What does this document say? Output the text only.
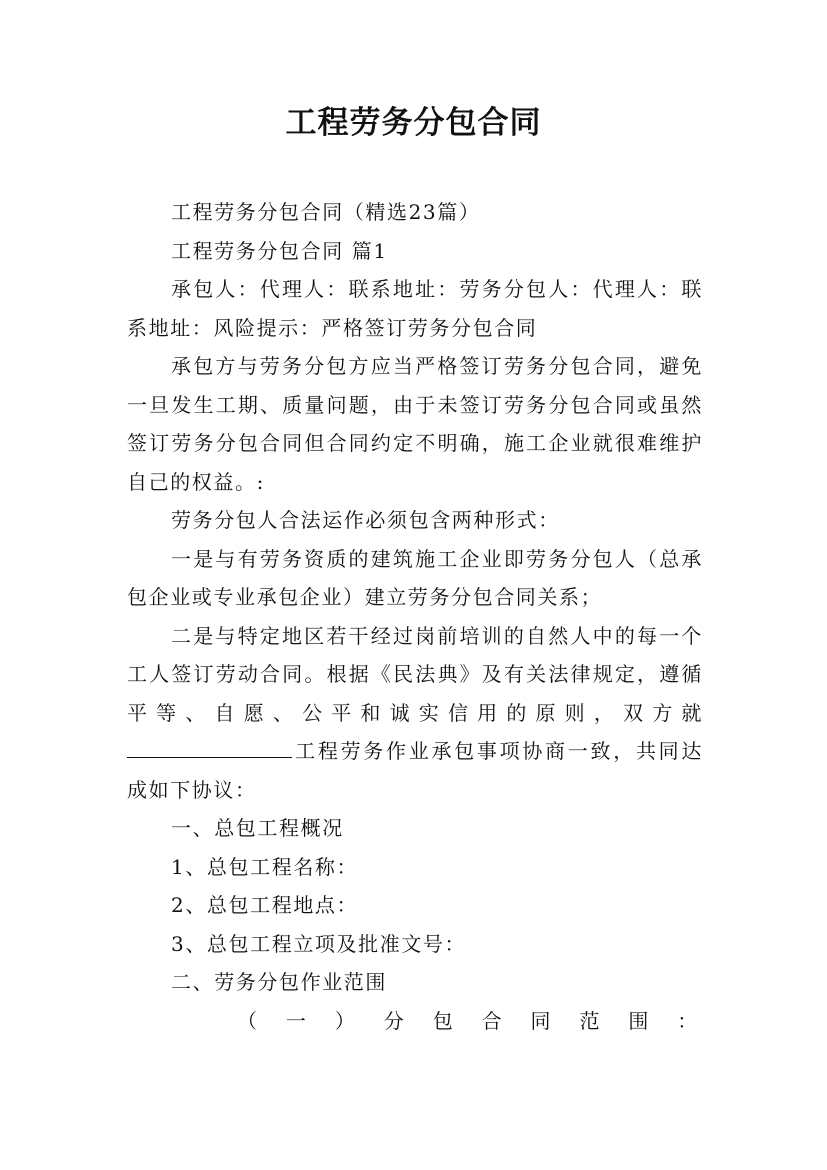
工程劳务分包合同

工程劳务分包合同（精选23篇）

工程劳务分包合同 篇1

承包人：代理人：联系地址：劳务分包人：代理人：联系地址：风险提示：严格签订劳务分包合同

承包方与劳务分包方应当严格签订劳务分包合同，避免一旦发生工期、质量问题，由于未签订劳务分包合同或虽然签订劳务分包合同但合同约定不明确，施工企业就很难维护自己的权益。:

劳务分包人合法运作必须包含两种形式：

一是与有劳务资质的建筑施工企业即劳务分包人（总承包企业或专业承包企业）建立劳务分包合同关系；

二是与特定地区若干经过岗前培训的自然人中的每一个工人签订劳动合同。根据《民法典》及有关法律规定，遵循平等、自愿、公平和诚实信用的原则，双方就工程劳务作业承包事项协商一致，共同达成如下协议：

一、总包工程概况

1、总包工程名称：

2、总包工程地点：

3、总包工程立项及批准文号：

二、劳务分包作业范围

（ 一 ） 分 包 合 同 范 围 ：
